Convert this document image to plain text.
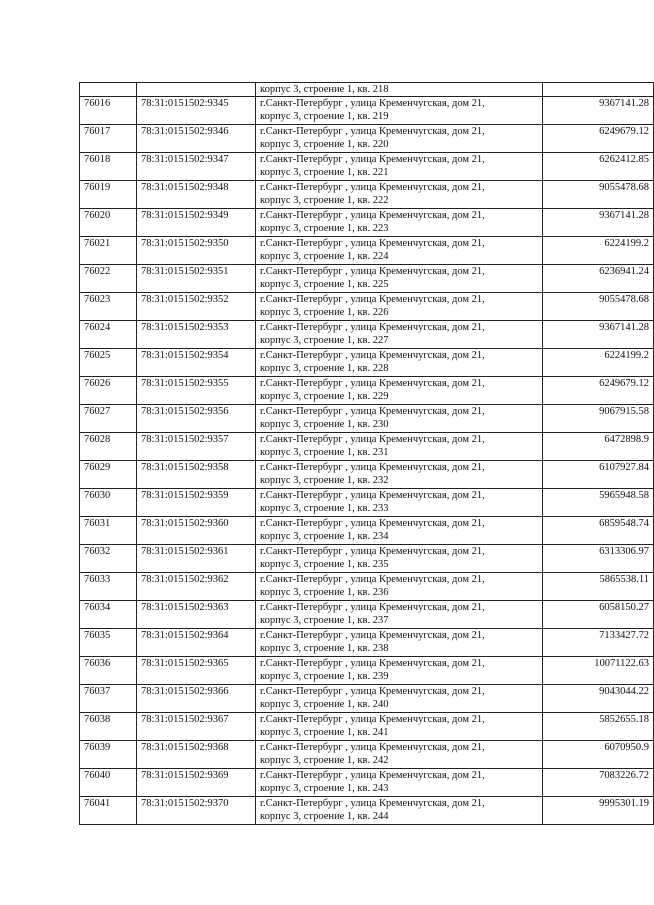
		корпус 3, строение 1, кв. 218	

76016	78:31:0151502:9345	г.Санкт-Петербург , улица Кременчугская, дом 21,
корпус 3, строение 1, кв. 219	9367141.28
76017	78:31:0151502:9346	г.Санкт-Петербург , улица Кременчугская, дом 21,
корпус 3, строение 1, кв. 220	6249679.12
76018	78:31:0151502:9347	г.Санкт-Петербург , улица Кременчугская, дом 21,
корпус 3, строение 1, кв. 221	6262412.85
76019	78:31:0151502:9348	г.Санкт-Петербург , улица Кременчугская, дом 21,
корпус 3, строение 1, кв. 222	9055478.68
76020	78:31:0151502:9349	г.Санкт-Петербург , улица Кременчугская, дом 21,
корпус 3, строение 1, кв. 223	9367141.28
76021	78:31:0151502:9350	г.Санкт-Петербург , улица Кременчугская, дом 21,
корпус 3, строение 1, кв. 224	6224199.2
76022	78:31:0151502:9351	г.Санкт-Петербург , улица Кременчугская, дом 21,
корпус 3, строение 1, кв. 225	6236941.24
76023	78:31:0151502:9352	г.Санкт-Петербург , улица Кременчугская, дом 21,
корпус 3, строение 1, кв. 226	9055478.68
76024	78:31:0151502:9353	г.Санкт-Петербург , улица Кременчугская, дом 21,
корпус 3, строение 1, кв. 227	9367141.28
76025	78:31:0151502:9354	г.Санкт-Петербург , улица Кременчугская, дом 21,
корпус 3, строение 1, кв. 228	6224199.2
76026	78:31:0151502:9355	г.Санкт-Петербург , улица Кременчугская, дом 21,
корпус 3, строение 1, кв. 229	6249679.12
76027	78:31:0151502:9356	г.Санкт-Петербург , улица Кременчугская, дом 21,
корпус 3, строение 1, кв. 230	9067915.58
76028	78:31:0151502:9357	г.Санкт-Петербург , улица Кременчугская, дом 21,
корпус 3, строение 1, кв. 231	6472898.9
76029	78:31:0151502:9358	г.Санкт-Петербург , улица Кременчугская, дом 21,
корпус 3, строение 1, кв. 232	6107927.84
76030	78:31:0151502:9359	г.Санкт-Петербург , улица Кременчугская, дом 21,
корпус 3, строение 1, кв. 233	5965948.58
76031	78:31:0151502:9360	г.Санкт-Петербург , улица Кременчугская, дом 21,
корпус 3, строение 1, кв. 234	6859548.74
76032	78:31:0151502:9361	г.Санкт-Петербург , улица Кременчугская, дом 21,
корпус 3, строение 1, кв. 235	6313306.97
76033	78:31:0151502:9362	г.Санкт-Петербург , улица Кременчугская, дом 21,
корпус 3, строение 1, кв. 236	5865538.11
76034	78:31:0151502:9363	г.Санкт-Петербург , улица Кременчугская, дом 21,
корпус 3, строение 1, кв. 237	6058150.27
76035	78:31:0151502:9364	г.Санкт-Петербург , улица Кременчугская, дом 21,
корпус 3, строение 1, кв. 238	7133427.72
76036	78:31:0151502:9365	г.Санкт-Петербург , улица Кременчугская, дом 21,
корпус 3, строение 1, кв. 239	10071122.63
76037	78:31:0151502:9366	г.Санкт-Петербург , улица Кременчугская, дом 21,
корпус 3, строение 1, кв. 240	9043044.22
76038	78:31:0151502:9367	г.Санкт-Петербург , улица Кременчугская, дом 21,
корпус 3, строение 1, кв. 241	5852655.18
76039	78:31:0151502:9368	г.Санкт-Петербург , улица Кременчугская, дом 21,
корпус 3, строение 1, кв. 242	6070950.9
76040	78:31:0151502:9369	г.Санкт-Петербург , улица Кременчугская, дом 21,
корпус 3, строение 1, кв. 243	7083226.72
76041	78:31:0151502:9370	г.Санкт-Петербург , улица Кременчугская, дом 21,
корпус 3, строение 1, кв. 244	9995301.19
